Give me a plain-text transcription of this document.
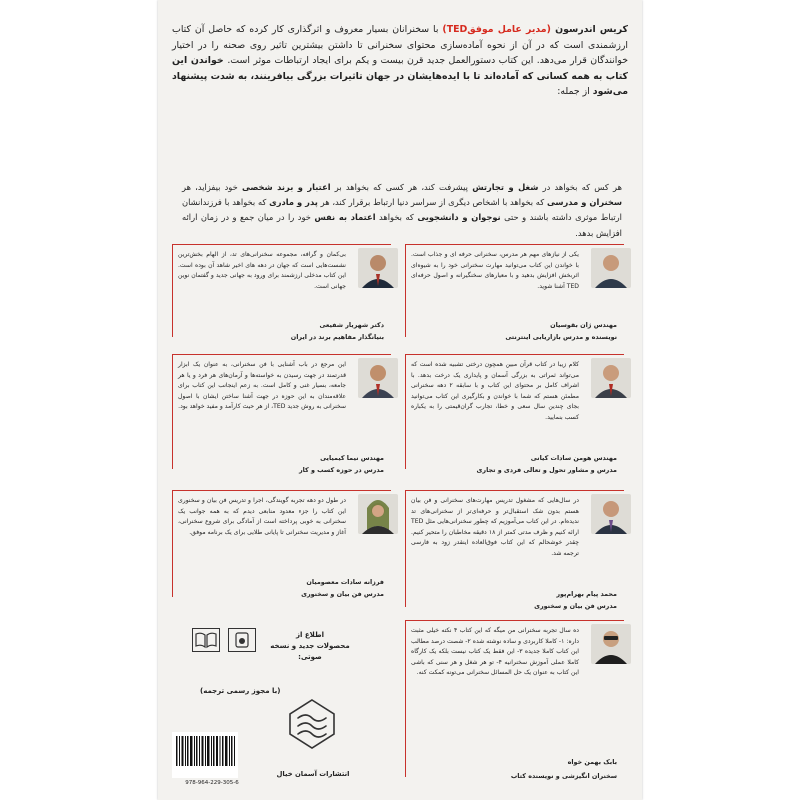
کریس اندرسون (مدیر عامل موفقTED) با سخنرانان بسیار معروف و اثرگذاری کار کرده که حاصل آن کتاب ارزشمندی است که در آن از نحوه آماده‌سازی محتوای سخنرانی تا داشتن بیشترین تاثیر روی صحنه را در اختیار خوانندگان قرار می‌دهد. این کتاب دستورالعمل جدید قرن بیست و یکم برای ایجاد ارتباطات موثر است. خواندن این کتاب به همه کسانی که آماده‌اند تا با ایده‌هایشان در جهان تاثیرات بزرگی بیافرینند، به شدت پیشنهاد می‌شود از جمله:
هر کس که بخواهد در شغل و تجارتش پیشرفت کند، هر کسی که بخواهد بر اعتبار و برند شخصی خود بیفزاید، هر سخنران و مدرسی که بخواهد با اشخاص دیگری از سراسر دنیا ارتباط برقرار کند، هر پدر و مادری که بخواهد با فرزندانشان ارتباط موثری داشته باشند و حتی نوجوان و دانشجویی که بخواهد اعتماد به نفس خود را در میان جمع و در زمان ارائه افزایش بدهد.
یکی از نیازهای مهم هر مدرس، سخنرانی حرفه ای و جذاب است. با خواندن این کتاب می‌توانید مهارت سخنرانی خود را به شیوه‌ای اثربخش افزایش بدهید و با معیارهای سخنگیرانه و اصول حرفه‌ای TED آشنا شوید.
مهندس ژان بقوسیان
نویسنده و مدرس بازاریابی اینترنتی
بی‌کمان و گرافه، مجموعه سخنرانی‌های تد، از الهام بخش‌ترین نشست‌هایی است که جهان در دهه های اخیر شاهد آن بوده است. این کتاب مدخلی ارزشمند برای ورود به جهانی جدید و گفتمان نوین جهانی است.
دکتر شهریار شفیعی
بنیانگذار مفاهیم برند در ایران
کلام زیبا در کتاب قرآن مبین همچون درختی تشبیه شده است که می‌تواند ثمراتی به بزرگی آسمان و پایداری یک درخت بدهد. با اشراف کامل بر محتوای این کتاب و با سابقه ۲ دهه سخنرانی مطمئن هستم که شما با خواندن و بکارگیری این کتاب می‌توانید بجای چندین سال سعی و خطا، تجارب گران‌قیمتی را به یکباره کسب بنمایید.
مهندس هومن سادات کیانی
مدرس و مشاور تحول و تعالی فردی و تجاری
این مرجع در باب آشنایی با فن سخنرانی، به عنوان یک ابزار قدرتمند در جهت رسیدن به خواسته‌ها و آرمان‌های هر فرد و یا هر جامعه، بسیار غنی و کامل است. به زعم اینجانب این کتاب برای علاقه‌مندان به این حوزه در جهت آشنا ساختن ایشان با اصول سخنرانی به روش جدید TED، از هر حیث کارآمد و مفید خواهد بود.
مهندس نیما کیمیایی
مدرس در حوزه کسب و کار
در سال‌هایی که مشغول تدریس مهارت‌های سخنرانی و فن بیان هستم بدون شک استقبال‌تر و حرفه‌ای‌تر از سخنرانی‌های تد ندیده‌ام. در این کتاب می‌آموزیم که چطور سخنرانی‌هایی مثل TED ارائه کنیم و ظرف مدتی کمتر از ۱۸ دقیقه مخاطبان را متحیر کنیم. چقدر خوشحالم که این کتاب فوق‌العاده اینقدر زود به فارسی ترجمه شد.
محمد پیام بهرام‌پور
مدرس فن بیان و سخنوری
در طول دو دهه تجربه گویندگی، اجرا و تدریس فن بیان و سخنوری این کتاب را جزء معدود منابعی دیدم که به همه جوانب یک سخنرانی به خوبی پرداخته است از آمادگی برای شروع سخنرانی، آغاز و مدیریت سخنرانی تا پایانی طلایی برای یک برنامه موفق.
فرزانه سادات معصومیان
مدرس فن بیان و سخنوری
ده سال تجربه سخنرانی من میگه که این کتاب ۴ نکته خیلی مثبت داره: ۱- کاملا کاربردی و ساده نوشته شده ۲- شصت درصد مطالب این کتاب کاملا جدیده ۳- این فقط یک کتاب نیست بلکه یک کارگاه کاملا عملی آموزش سخنرانیه ۴- تو هر شغل و هر سنی که باشی این کتاب به عنوان یک حل المسائل سخنرانی می‌تونه کمکت کنه.
بابک بهمن خواه
سخنران انگیزشی و نویسنده کتاب
اطلاع از
محصولات جدید و نسخه صوتی:
(با مجوز رسمی ترجمه)
978-964-229-305-6
انتشارات آسمان خیال
